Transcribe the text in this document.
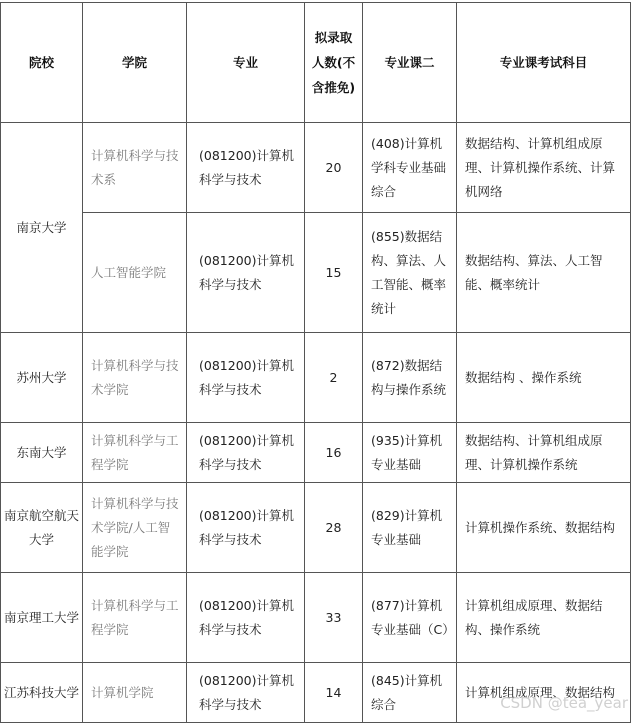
院校	学院	专业	拟录取人数(不含推免)	专业课二	专业课考试科目
南京大学	计算机科学与技术系	(081200)计算机科学与技术	20	(408)计算机学科专业基础综合	数据结构、计算机组成原理、计算机操作系统、计算机网络
	人工智能学院	(081200)计算机科学与技术	15	(855)数据结构、算法、人工智能、概率统计	数据结构、算法、人工智能、概率统计
苏州大学	计算机科学与技术学院	(081200)计算机科学与技术	2	(872)数据结构与操作系统	数据结构 、操作系统
东南大学	计算机科学与工程学院	(081200)计算机科学与技术	16	(935)计算机专业基础	数据结构、计算机组成原理、计算机操作系统
南京航空航天大学	计算机科学与技术学院/人工智能学院	(081200)计算机科学与技术	28	(829)计算机专业基础	计算机操作系统、数据结构
南京理工大学	计算机科学与工程学院	(081200)计算机科学与技术	33	(877)计算机专业基础（C）	计算机组成原理、数据结构、操作系统
江苏科技大学	计算机学院	(081200)计算机科学与技术	14	(845)计算机综合	计算机组成原理、数据结构
CSDN @tea_year
